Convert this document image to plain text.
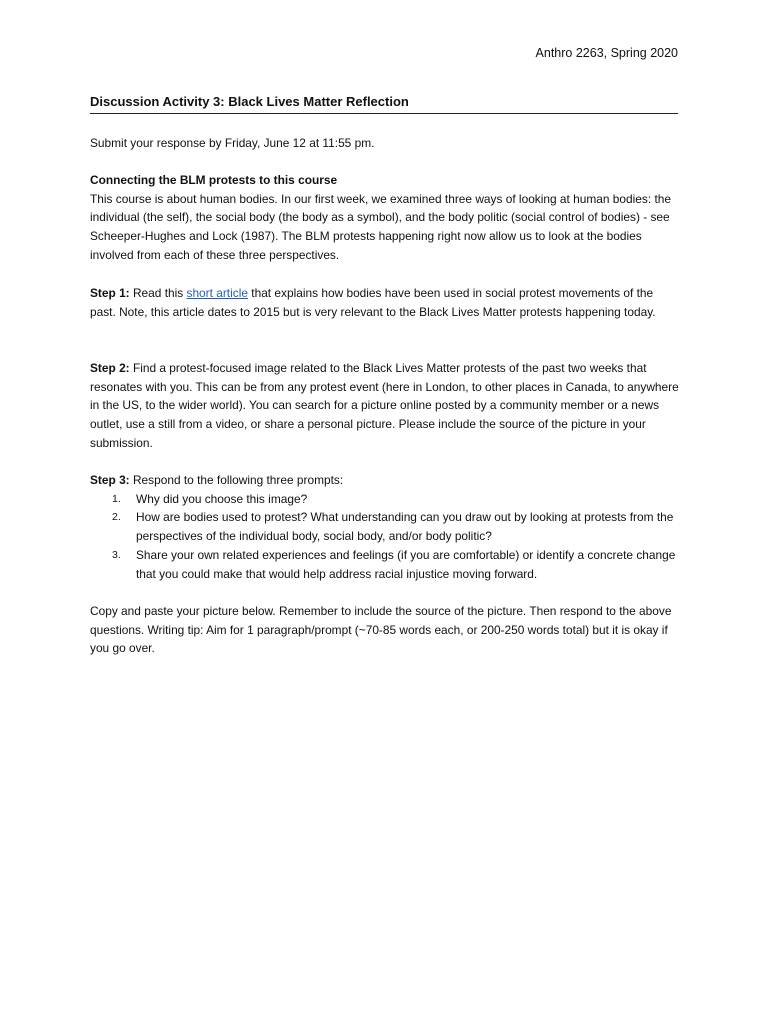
Anthro 2263, Spring 2020
Discussion Activity 3: Black Lives Matter Reflection

Submit your response by Friday, June 12 at 11:55 pm.

Connecting the BLM protests to this course

This course is about human bodies. In our first week, we examined three ways of looking at human bodies: the individual (the self), the social body (the body as a symbol), and the body politic (social control of bodies) - see Scheeper-Hughes and Lock (1987). The BLM protests happening right now allow us to look at the bodies involved from each of these three perspectives.

Step 1: Read this short article that explains how bodies have been used in social protest movements of the past. Note, this article dates to 2015 but is very relevant to the Black Lives Matter protests happening today.

Step 2: Find a protest-focused image related to the Black Lives Matter protests of the past two weeks that resonates with you. This can be from any protest event (here in London, to other places in Canada, to anywhere in the US, to the wider world). You can search for a picture online posted by a community member or a news outlet, use a still from a video, or share a personal picture. Please include the source of the picture in your submission.

Step 3: Respond to the following three prompts:

1. Why did you choose this image?
2. How are bodies used to protest? What understanding can you draw out by looking at protests from the perspectives of the individual body, social body, and/or body politic?
3. Share your own related experiences and feelings (if you are comfortable) or identify a concrete change that you could make that would help address racial injustice moving forward.

Copy and paste your picture below. Remember to include the source of the picture. Then respond to the above questions. Writing tip: Aim for 1 paragraph/prompt (~70-85 words each, or 200-250 words total) but it is okay if you go over.
